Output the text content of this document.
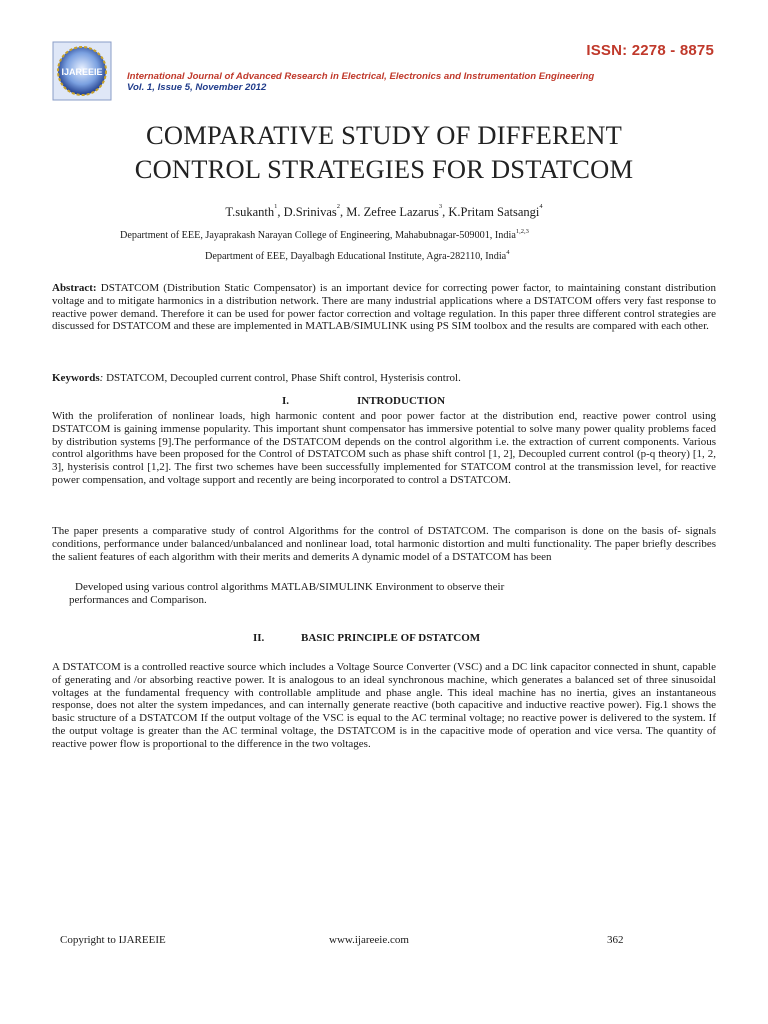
IJAREEIE
ISSN: 2278 - 8875
International Journal of Advanced Research in Electrical, Electronics and Instrumentation Engineering
Vol. 1, Issue 5, November 2012
COMPARATIVE STUDY OF DIFFERENT
CONTROL STRATEGIES FOR DSTATCOM
T.sukanth$^1$, D.Srinivas$^2$, M. Zefree Lazarus$^3$, K.Pritam Satsangi$^4$
Department of EEE, Jayaprakash Narayan College of Engineering, Mahabubnagar-509001, India$^{1,2,3}$
Department of EEE, Dayalbagh Educational Institute, Agra-282110, India$^4$

Abstract: DSTATCOM (Distribution Static Compensator) is an important device for correcting power factor, to maintaining constant distribution voltage and to mitigate harmonics in a distribution network. There are many industrial applications where a DSTATCOM offers very fast response to reactive power demand. Therefore it can be used for power factor correction and voltage regulation. In this paper three different control strategies are discussed for DSTATCOM and these are implemented in MATLAB/SIMULINK using PS SIM toolbox and the results are compared with each other.

Keywords: DSTATCOM, Decoupled current control, Phase Shift control, Hysterisis control.

I.	INTRODUCTION

With the proliferation of nonlinear loads, high harmonic content and poor power factor at the distribution end, reactive power control using DSTATCOM is gaining immense popularity. This important shunt compensator has immersive potential to solve many power quality problems faced by distribution systems [9].The performance of the DSTATCOM depends on the control algorithm i.e. the extraction of current components. Various control algorithms have been proposed for the Control of DSTATCOM such as phase shift control [1, 2], Decoupled current control (p-q theory) [1, 2, 3], hysterisis control [1,2]. The first two schemes have been successfully implemented for STATCOM control at the transmission level, for reactive power compensation, and voltage support and recently are being incorporated to control a DSTATCOM.

The paper presents a comparative study of control Algorithms for the control of DSTATCOM. The comparison is done on the basis of- signals conditions, performance under balanced/unbalanced and nonlinear load, total harmonic distortion and multi functionality. The paper briefly describes the salient features of each algorithm with their merits and demerits A dynamic model of a DSTATCOM has been

Developed using various control algorithms MATLAB/SIMULINK Environment to observe their
performances and Comparison.
II.	BASIC PRINCIPLE OF DSTATCOM

A DSTATCOM is a controlled reactive source which includes a Voltage Source Converter (VSC) and a DC link capacitor connected in shunt, capable of generating and /or absorbing reactive power. It is analogous to an ideal synchronous machine, which generates a balanced set of three sinusoidal voltages at the fundamental frequency with controllable amplitude and phase angle. This ideal machine has no inertia, gives an instantaneous response, does not alter the system impedances, and can internally generate reactive (both capacitive and inductive reactive power). Fig.1 shows the basic structure of a DSTATCOM If the output voltage of the VSC is equal to the AC terminal voltage; no reactive power is delivered to the system. If the output voltage is greater than the AC terminal voltage, the DSTATCOM is in the capacitive mode of operation and vice versa. The quantity of reactive power flow is proportional to the difference in the two voltages.

Copyright to IJAREEIE	www.ijareeie.com	362
